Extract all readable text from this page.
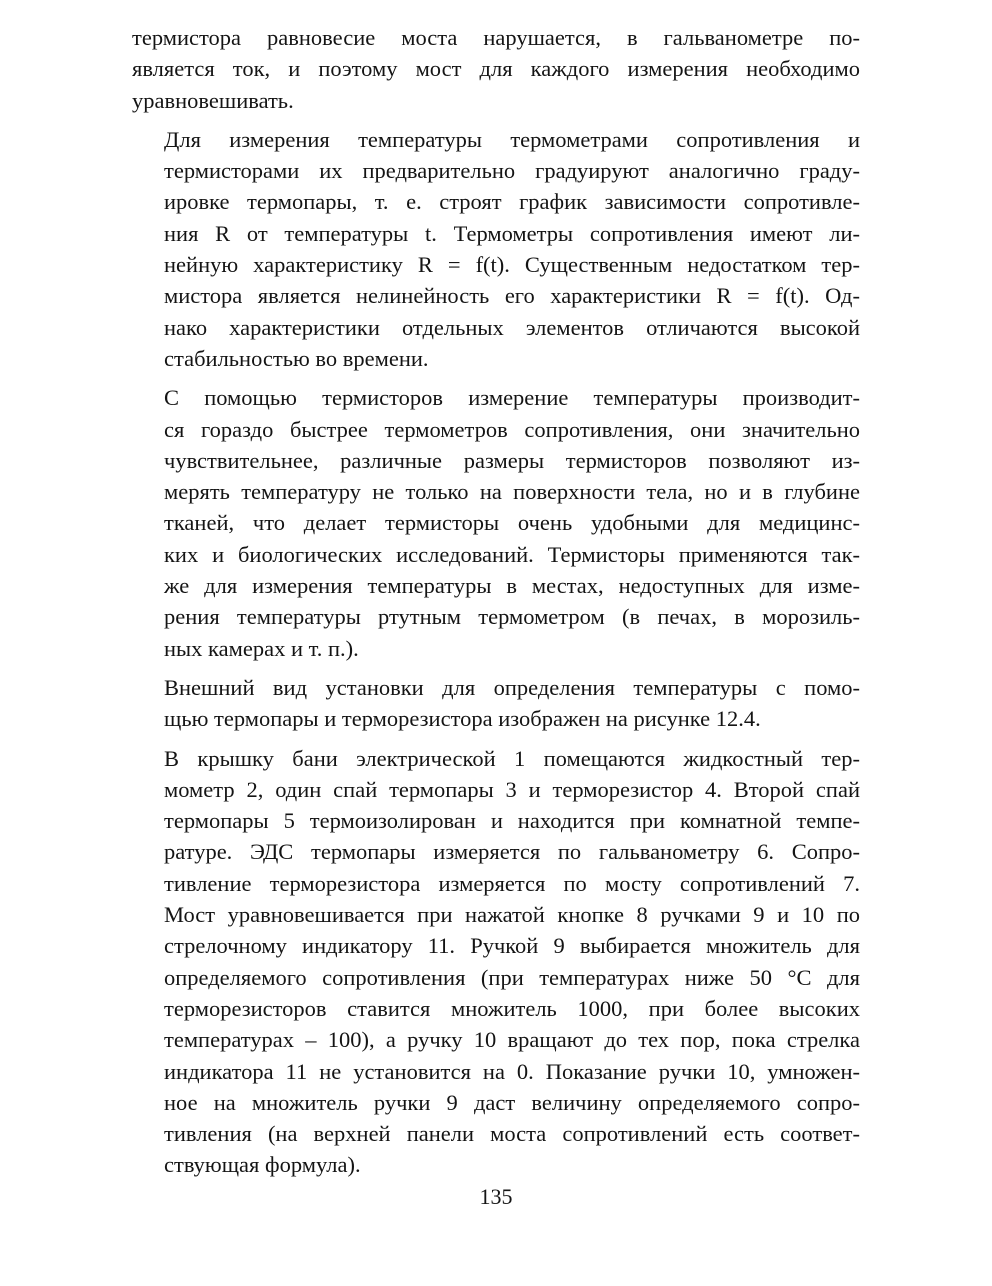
термистора равновесие моста нарушается, в гальванометре по-
является ток, и поэтому мост для каждого измерения необходимо
уравновешивать.

Для измерения температуры термометрами сопротивления и
термисторами их предварительно градуируют аналогично граду-
ировке термопары, т. е. строят график зависимости сопротивле-
ния R от температуры t. Термометры сопротивления имеют ли-
нейную характеристику R = f(t). Существенным недостатком тер-
мистора является нелинейность его характеристики R = f(t). Од-
нако характеристики отдельных элементов отличаются высокой
стабильностью во времени.

С помощью термисторов измерение температуры производит-
ся гораздо быстрее термометров сопротивления, они значительно
чувствительнее, различные размеры термисторов позволяют из-
мерять температуру не только на поверхности тела, но и в глубине
тканей, что делает термисторы очень удобными для медицинс-
ких и биологических исследований. Термисторы применяются так-
же для измерения температуры в местах, недоступных для изме-
рения температуры ртутным термометром (в печах, в морозиль-
ных камерах и т. п.).

Внешний вид установки для определения температуры с помо-
щью термопары и терморезистора изображен на рисунке 12.4.

В крышку бани электрической 1 помещаются жидкостный тер-
мометр 2, один спай термопары 3 и терморезистор 4. Второй спай
термопары 5 термоизолирован и находится при комнатной темпе-
ратуре. ЭДС термопары измеряется по гальванометру 6. Сопро-
тивление терморезистора измеряется по мосту сопротивлений 7.
Мост уравновешивается при нажатой кнопке 8 ручками 9 и 10 по
стрелочному индикатору 11. Ручкой 9 выбирается множитель для
определяемого сопротивления (при температурах ниже 50 °С для
терморезисторов ставится множитель 1000, при более высоких
температурах – 100), а ручку 10 вращают до тех пор, пока стрелка
индикатора 11 не установится на 0. Показание ручки 10, умножен-
ное на множитель ручки 9 даст величину определяемого сопро-
тивления (на верхней панели моста сопротивлений есть соответ-
ствующая формула).

135
